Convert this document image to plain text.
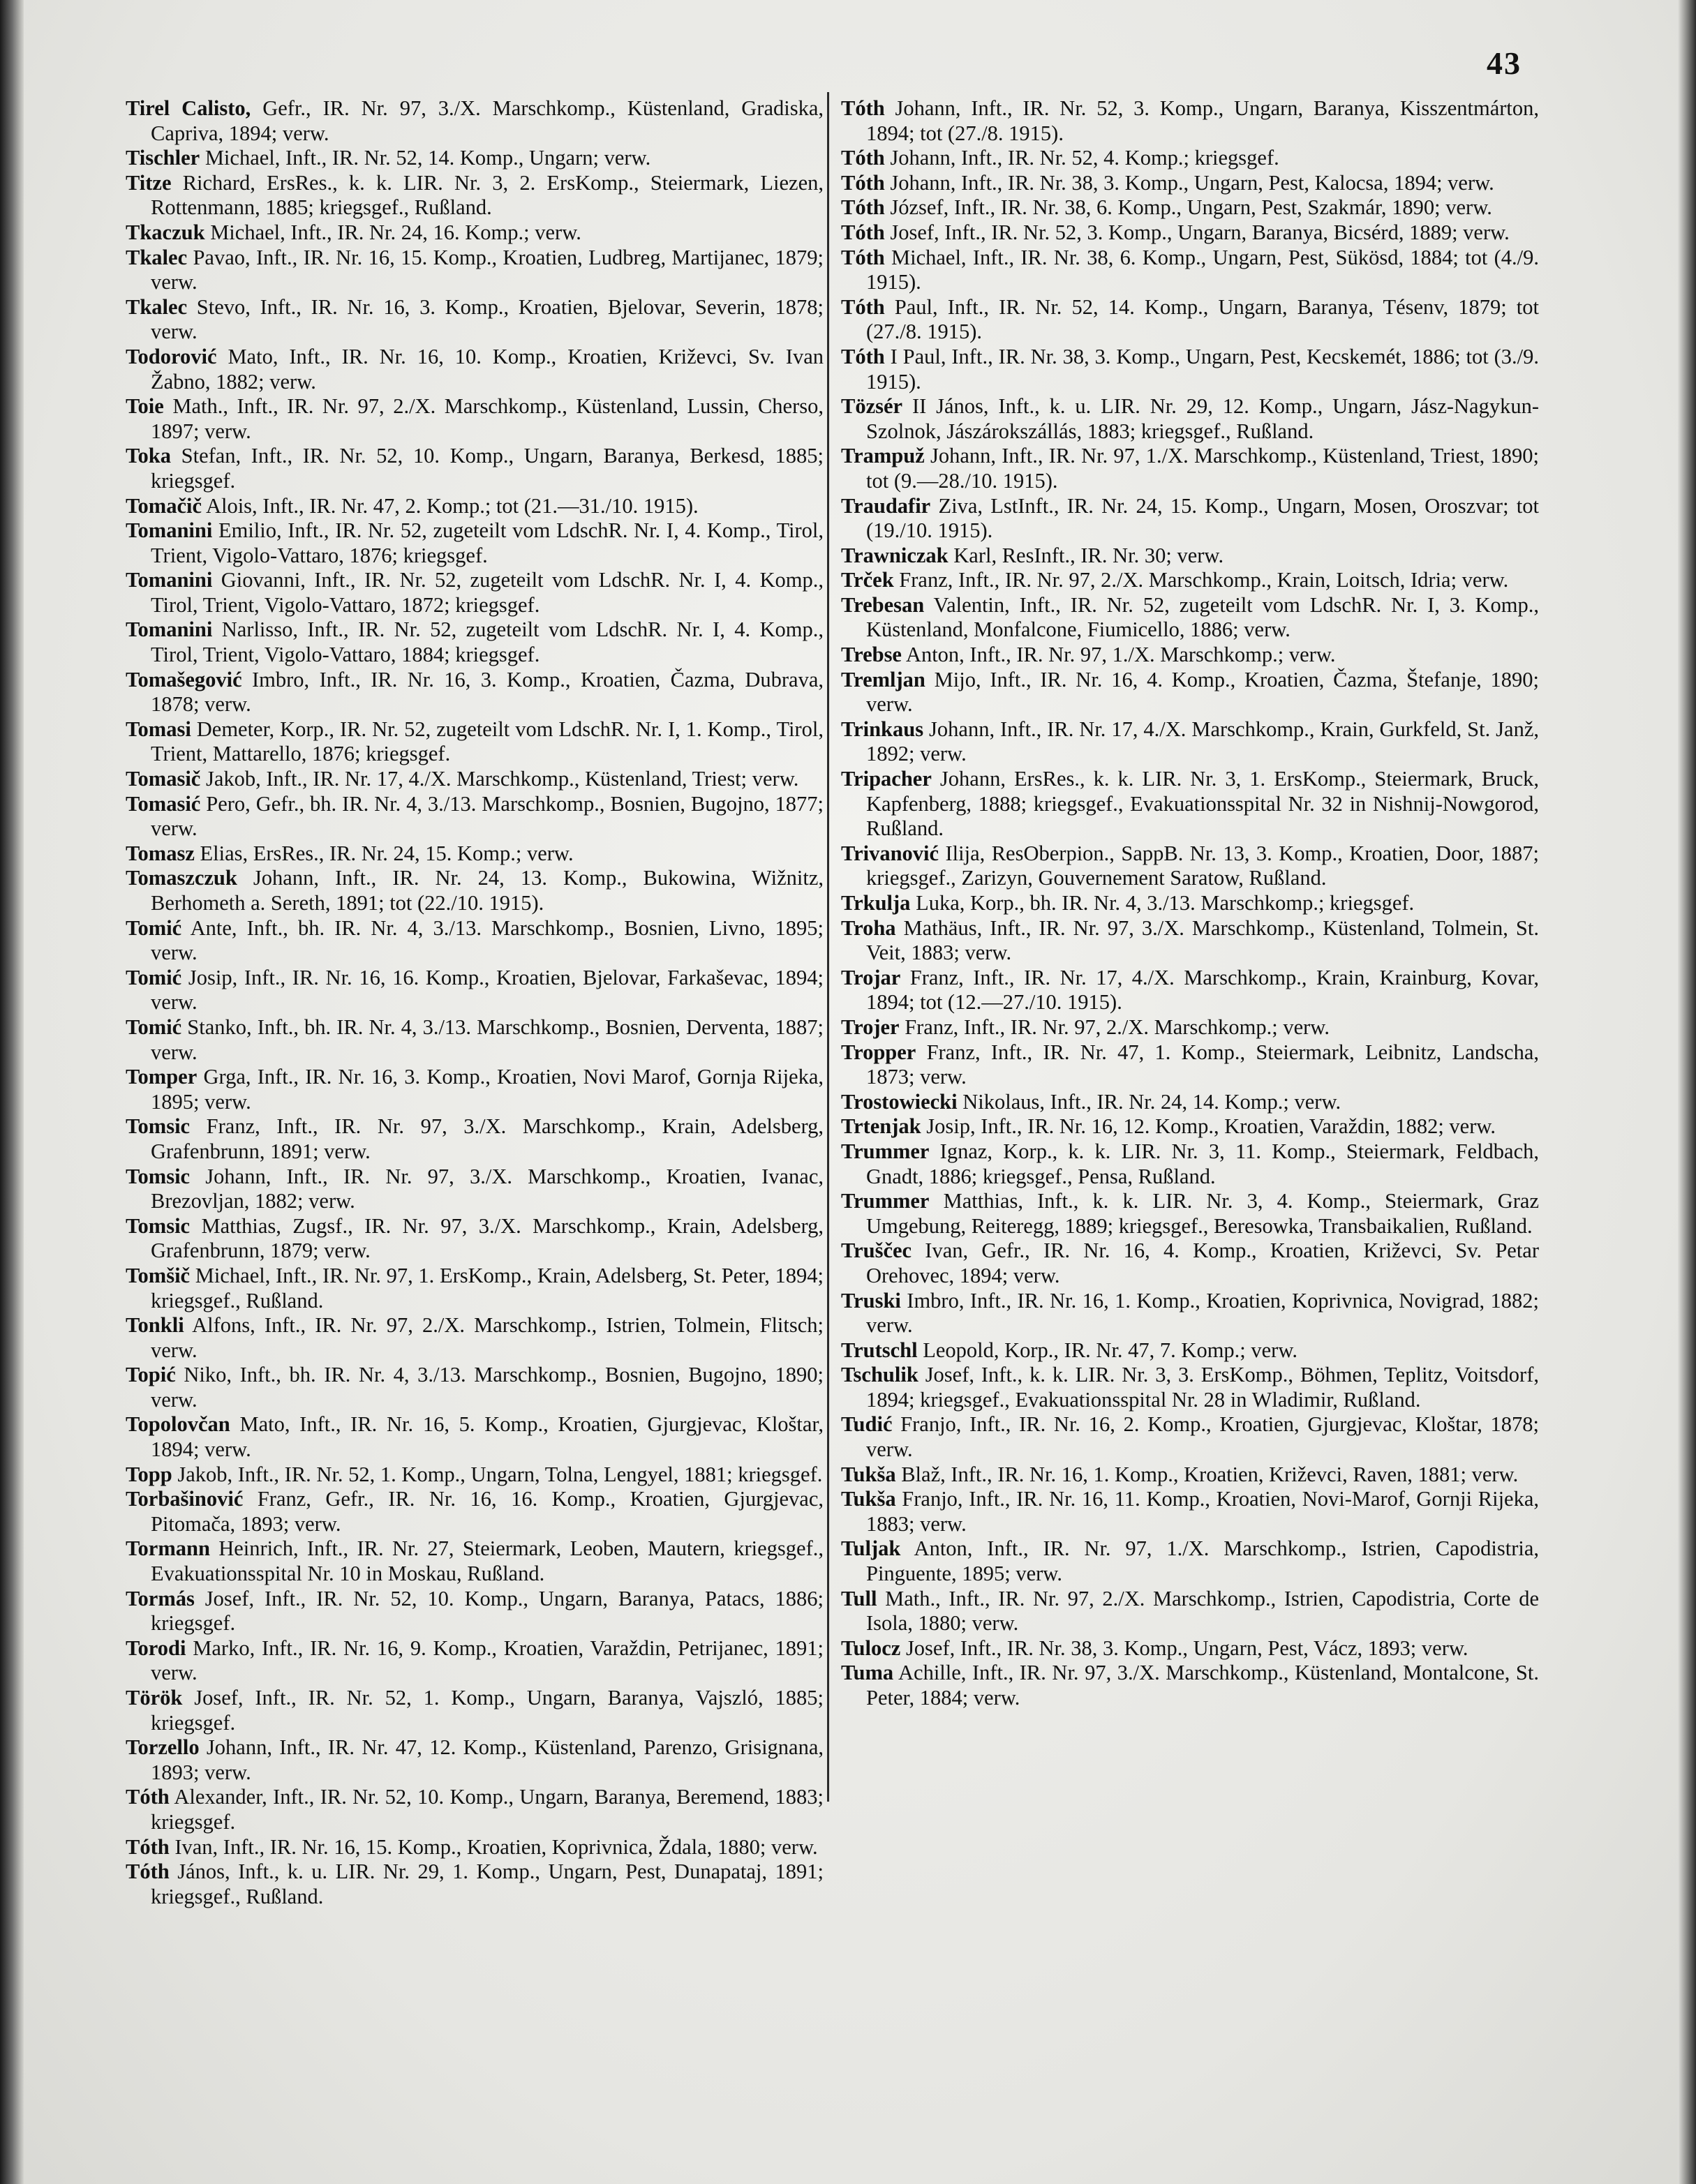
43

Tirel Calisto, Gefr., IR. Nr. 97, 3./X. Marschkomp., Küstenland, Gradiska, Capriva, 1894; verw.

Tischler Michael, Inft., IR. Nr. 52, 14. Komp., Ungarn; verw.

Titze Richard, ErsRes., k. k. LIR. Nr. 3, 2. ErsKomp., Steiermark, Liezen, Rottenmann, 1885; kriegsgef., Rußland.

Tkaczuk Michael, Inft., IR. Nr. 24, 16. Komp.; verw.

Tkalec Pavao, Inft., IR. Nr. 16, 15. Komp., Kroatien, Ludbreg, Martijanec, 1879; verw.

Tkalec Stevo, Inft., IR. Nr. 16, 3. Komp., Kroatien, Bjelovar, Severin, 1878; verw.

Todorović Mato, Inft., IR. Nr. 16, 10. Komp., Kroatien, Križevci, Sv. Ivan Žabno, 1882; verw.

Toie Math., Inft., IR. Nr. 97, 2./X. Marschkomp., Küstenland, Lussin, Cherso, 1897; verw.

Toka Stefan, Inft., IR. Nr. 52, 10. Komp., Ungarn, Baranya, Berkesd, 1885; kriegsgef.

Tomačič Alois, Inft., IR. Nr. 47, 2. Komp.; tot (21.—31./10. 1915).

Tomanini Emilio, Inft., IR. Nr. 52, zugeteilt vom LdschR. Nr. I, 4. Komp., Tirol, Trient, Vigolo-Vattaro, 1876; kriegsgef.

Tomanini Giovanni, Inft., IR. Nr. 52, zugeteilt vom LdschR. Nr. I, 4. Komp., Tirol, Trient, Vigolo-Vattaro, 1872; kriegsgef.

Tomanini Narlisso, Inft., IR. Nr. 52, zugeteilt vom LdschR. Nr. I, 4. Komp., Tirol, Trient, Vigolo-Vattaro, 1884; kriegsgef.

Tomašegović Imbro, Inft., IR. Nr. 16, 3. Komp., Kroatien, Čazma, Dubrava, 1878; verw.

Tomasi Demeter, Korp., IR. Nr. 52, zugeteilt vom LdschR. Nr. I, 1. Komp., Tirol, Trient, Mattarello, 1876; kriegsgef.

Tomasič Jakob, Inft., IR. Nr. 17, 4./X. Marschkomp., Küstenland, Triest; verw.

Tomasić Pero, Gefr., bh. IR. Nr. 4, 3./13. Marschkomp., Bosnien, Bugojno, 1877; verw.

Tomasz Elias, ErsRes., IR. Nr. 24, 15. Komp.; verw.

Tomaszczuk Johann, Inft., IR. Nr. 24, 13. Komp., Bukowina, Wižnitz, Berhometh a. Sereth, 1891; tot (22./10. 1915).

Tomić Ante, Inft., bh. IR. Nr. 4, 3./13. Marschkomp., Bosnien, Livno, 1895; verw.

Tomić Josip, Inft., IR. Nr. 16, 16. Komp., Kroatien, Bjelovar, Farkaševac, 1894; verw.

Tomić Stanko, Inft., bh. IR. Nr. 4, 3./13. Marschkomp., Bosnien, Derventa, 1887; verw.

Tomper Grga, Inft., IR. Nr. 16, 3. Komp., Kroatien, Novi Marof, Gornja Rijeka, 1895; verw.

Tomsic Franz, Inft., IR. Nr. 97, 3./X. Marschkomp., Krain, Adelsberg, Grafenbrunn, 1891; verw.

Tomsic Johann, Inft., IR. Nr. 97, 3./X. Marschkomp., Kroatien, Ivanac, Brezovljan, 1882; verw.

Tomsic Matthias, Zugsf., IR. Nr. 97, 3./X. Marschkomp., Krain, Adelsberg, Grafenbrunn, 1879; verw.

Tomšič Michael, Inft., IR. Nr. 97, 1. ErsKomp., Krain, Adelsberg, St. Peter, 1894; kriegsgef., Rußland.

Tonkli Alfons, Inft., IR. Nr. 97, 2./X. Marschkomp., Istrien, Tolmein, Flitsch; verw.

Topić Niko, Inft., bh. IR. Nr. 4, 3./13. Marschkomp., Bosnien, Bugojno, 1890; verw.

Topolovčan Mato, Inft., IR. Nr. 16, 5. Komp., Kroatien, Gjurgjevac, Kloštar, 1894; verw.

Topp Jakob, Inft., IR. Nr. 52, 1. Komp., Ungarn, Tolna, Lengyel, 1881; kriegsgef.

Torbašinović Franz, Gefr., IR. Nr. 16, 16. Komp., Kroatien, Gjurgjevac, Pitomača, 1893; verw.

Tormann Heinrich, Inft., IR. Nr. 27, Steiermark, Leoben, Mautern, kriegsgef., Evakuationsspital Nr. 10 in Moskau, Rußland.

Tormás Josef, Inft., IR. Nr. 52, 10. Komp., Ungarn, Baranya, Patacs, 1886; kriegsgef.

Torodi Marko, Inft., IR. Nr. 16, 9. Komp., Kroatien, Varaždin, Petrijanec, 1891; verw.

Török Josef, Inft., IR. Nr. 52, 1. Komp., Ungarn, Baranya, Vajszló, 1885; kriegsgef.

Torzello Johann, Inft., IR. Nr. 47, 12. Komp., Küstenland, Parenzo, Grisignana, 1893; verw.

Tóth Alexander, Inft., IR. Nr. 52, 10. Komp., Ungarn, Baranya, Beremend, 1883; kriegsgef.

Tóth Ivan, Inft., IR. Nr. 16, 15. Komp., Kroatien, Koprivnica, Ždala, 1880; verw.

Tóth János, Inft., k. u. LIR. Nr. 29, 1. Komp., Ungarn, Pest, Dunapataj, 1891; kriegsgef., Rußland.

Tóth Johann, Inft., IR. Nr. 52, 3. Komp., Ungarn, Baranya, Kisszentmárton, 1894; tot (27./8. 1915).

Tóth Johann, Inft., IR. Nr. 52, 4. Komp.; kriegsgef.

Tóth Johann, Inft., IR. Nr. 38, 3. Komp., Ungarn, Pest, Kalocsa, 1894; verw.

Tóth József, Inft., IR. Nr. 38, 6. Komp., Ungarn, Pest, Szakmár, 1890; verw.

Tóth Josef, Inft., IR. Nr. 52, 3. Komp., Ungarn, Baranya, Bicsérd, 1889; verw.

Tóth Michael, Inft., IR. Nr. 38, 6. Komp., Ungarn, Pest, Sükösd, 1884; tot (4./9. 1915).

Tóth Paul, Inft., IR. Nr. 52, 14. Komp., Ungarn, Baranya, Tésenv, 1879; tot (27./8. 1915).

Tóth I Paul, Inft., IR. Nr. 38, 3. Komp., Ungarn, Pest, Kecskemét, 1886; tot (3./9. 1915).

Tözsér II János, Inft., k. u. LIR. Nr. 29, 12. Komp., Ungarn, Jász-Nagykun-Szolnok, Jászárokszállás, 1883; kriegsgef., Rußland.

Trampuž Johann, Inft., IR. Nr. 97, 1./X. Marschkomp., Küstenland, Triest, 1890; tot (9.—28./10. 1915).

Traudafir Ziva, LstInft., IR. Nr. 24, 15. Komp., Ungarn, Mosen, Oroszvar; tot (19./10. 1915).

Trawniczak Karl, ResInft., IR. Nr. 30; verw.

Trček Franz, Inft., IR. Nr. 97, 2./X. Marschkomp., Krain, Loitsch, Idria; verw.

Trebesan Valentin, Inft., IR. Nr. 52, zugeteilt vom LdschR. Nr. I, 3. Komp., Küstenland, Monfalcone, Fiumicello, 1886; verw.

Trebse Anton, Inft., IR. Nr. 97, 1./X. Marschkomp.; verw.

Tremljan Mijo, Inft., IR. Nr. 16, 4. Komp., Kroatien, Čazma, Štefanje, 1890; verw.

Trinkaus Johann, Inft., IR. Nr. 17, 4./X. Marschkomp., Krain, Gurkfeld, St. Janž, 1892; verw.

Tripacher Johann, ErsRes., k. k. LIR. Nr. 3, 1. ErsKomp., Steiermark, Bruck, Kapfenberg, 1888; kriegsgef., Evakuationsspital Nr. 32 in Nishnij-Nowgorod, Rußland.

Trivanović Ilija, ResOberpion., SappB. Nr. 13, 3. Komp., Kroatien, Door, 1887; kriegsgef., Zarizyn, Gouvernement Saratow, Rußland.

Trkulja Luka, Korp., bh. IR. Nr. 4, 3./13. Marschkomp.; kriegsgef.

Troha Mathäus, Inft., IR. Nr. 97, 3./X. Marschkomp., Küstenland, Tolmein, St. Veit, 1883; verw.

Trojar Franz, Inft., IR. Nr. 17, 4./X. Marschkomp., Krain, Krainburg, Kovar, 1894; tot (12.—27./10. 1915).

Trojer Franz, Inft., IR. Nr. 97, 2./X. Marschkomp.; verw.

Tropper Franz, Inft., IR. Nr. 47, 1. Komp., Steiermark, Leibnitz, Landscha, 1873; verw.

Trostowiecki Nikolaus, Inft., IR. Nr. 24, 14. Komp.; verw.

Trtenjak Josip, Inft., IR. Nr. 16, 12. Komp., Kroatien, Varaždin, 1882; verw.

Trummer Ignaz, Korp., k. k. LIR. Nr. 3, 11. Komp., Steiermark, Feldbach, Gnadt, 1886; kriegsgef., Pensa, Rußland.

Trummer Matthias, Inft., k. k. LIR. Nr. 3, 4. Komp., Steiermark, Graz Umgebung, Reiteregg, 1889; kriegsgef., Beresowka, Transbaikalien, Rußland.

Truščec Ivan, Gefr., IR. Nr. 16, 4. Komp., Kroatien, Križevci, Sv. Petar Orehovec, 1894; verw.

Truski Imbro, Inft., IR. Nr. 16, 1. Komp., Kroatien, Koprivnica, Novigrad, 1882; verw.

Trutschl Leopold, Korp., IR. Nr. 47, 7. Komp.; verw.

Tschulik Josef, Inft., k. k. LIR. Nr. 3, 3. ErsKomp., Böhmen, Teplitz, Voitsdorf, 1894; kriegsgef., Evakuationsspital Nr. 28 in Wladimir, Rußland.

Tudić Franjo, Inft., IR. Nr. 16, 2. Komp., Kroatien, Gjurgjevac, Kloštar, 1878; verw.

Tukša Blaž, Inft., IR. Nr. 16, 1. Komp., Kroatien, Križevci, Raven, 1881; verw.

Tukša Franjo, Inft., IR. Nr. 16, 11. Komp., Kroatien, Novi-Marof, Gornji Rijeka, 1883; verw.

Tuljak Anton, Inft., IR. Nr. 97, 1./X. Marschkomp., Istrien, Capodistria, Pinguente, 1895; verw.

Tull Math., Inft., IR. Nr. 97, 2./X. Marschkomp., Istrien, Capodistria, Corte de Isola, 1880; verw.

Tulocz Josef, Inft., IR. Nr. 38, 3. Komp., Ungarn, Pest, Vácz, 1893; verw.

Tuma Achille, Inft., IR. Nr. 97, 3./X. Marschkomp., Küstenland, Montalcone, St. Peter, 1884; verw.
